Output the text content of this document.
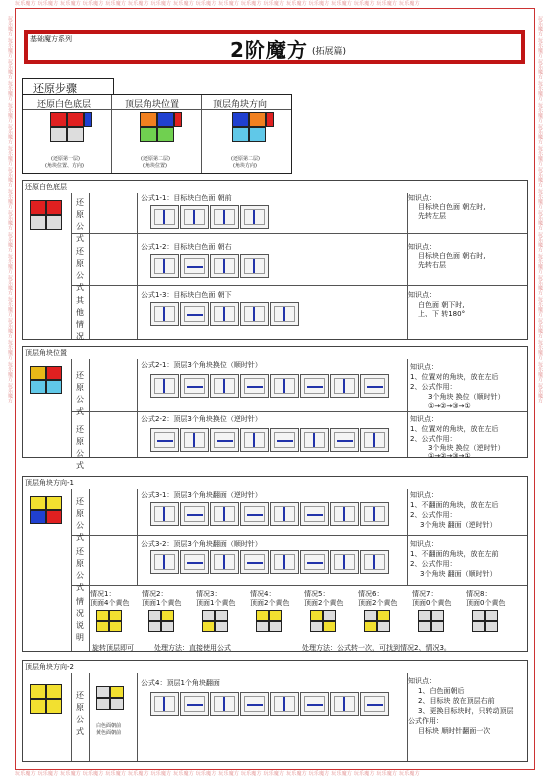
玩乐魔方 玩乐魔方 玩乐魔方 玩乐魔方 玩乐魔方 玩乐魔方 玩乐魔方 玩乐魔方 玩乐魔方 玩乐魔方 玩乐魔方 玩乐魔方 玩乐魔方 玩乐魔方 玩乐魔方 玩乐魔方 玩乐魔方 玩乐魔方
玩乐魔方 玩乐魔方 玩乐魔方 玩乐魔方 玩乐魔方 玩乐魔方 玩乐魔方 玩乐魔方 玩乐魔方 玩乐魔方 玩乐魔方 玩乐魔方 玩乐魔方 玩乐魔方 玩乐魔方 玩乐魔方 玩乐魔方 玩乐魔方
玩乐魔方 玩乐魔方 玩乐魔方 玩乐魔方 玩乐魔方 玩乐魔方 玩乐魔方 玩乐魔方 玩乐魔方 玩乐魔方 玩乐魔方 玩乐魔方 玩乐魔方 玩乐魔方 玩乐魔方 玩乐魔方 玩乐魔方 玩乐魔方	玩乐魔方 玩乐魔方 玩乐魔方 玩乐魔方 玩乐魔方 玩乐魔方 玩乐魔方 玩乐魔方 玩乐魔方 玩乐魔方 玩乐魔方 玩乐魔方 玩乐魔方 玩乐魔方 玩乐魔方 玩乐魔方 玩乐魔方 玩乐魔方
基础魔方系列	2阶魔方 (拓展篇)
还原步骤
还原白色底层	顶层角块位置	顶层角块方向
(还原第一层)
(角块位置、方向)
(还原第二层)
(角块位置)
(还原第二层)
(角块方向)
还原白色底层
还原公式
公式1-1：目标块白色面 朝前	知识点：
目标块白色面 朝左时,
先转左层
还原公式
公式1-2：目标块白色面 朝右	知识点：
目标块白色面 朝右时,
先转右层
其他情况
公式1-3：目标块白色面 朝下	知识点：
白色面 朝下时,
上、下 转180°
顶层角块位置
还原公式
公式2-1：顶层3个角块换位（顺时针）	知识点：
1、位置对的角块，放在左后
2、公式作用：
3个角块 换位（顺时针）
①→②→③→①
还原公式
公式2-2：顶层3个角块换位（逆时针）	知识点：
1、位置对的角块，放在左后
2、公式作用：
3个角块 换位（逆时针）
①→②→③→①
顶层角块方向-1
还原公式
公式3-1：顶层3个角块翻面（逆时针）	知识点：
1、不翻面的角块，放在左后
2、公式作用：
3个角块 翻面（逆时针）
还原公式
公式3-2：顶层3个角块翻面（顺时针）	知识点：
1、不翻面的角块，放在左前
2、公式作用：
3个角块 翻面（顺时针）
情况说明
情况1：
顶面4个黄色
情况2：
顶面1个黄色
情况3：
顶面1个黄色
情况4：
顶面2个黄色
情况5：
顶面2个黄色
情况6：
顶面2个黄色
情况7：
顶面0个黄色
情况8：
顶面0个黄色
旋转顶层即可	处理方法：直接使用公式	处理方法：公式转一次，可找到情况2、情况3。
顶层角块方向-2
还原公式
白色面朝前
黄色面朝前
公式4：顶层1个角块翻面	知识点：
1、白色面朝后
2、目标块 放在顶层右前
3、更换目标块时，只转动顶层
公式作用：
目标块 顺时针翻面一次
